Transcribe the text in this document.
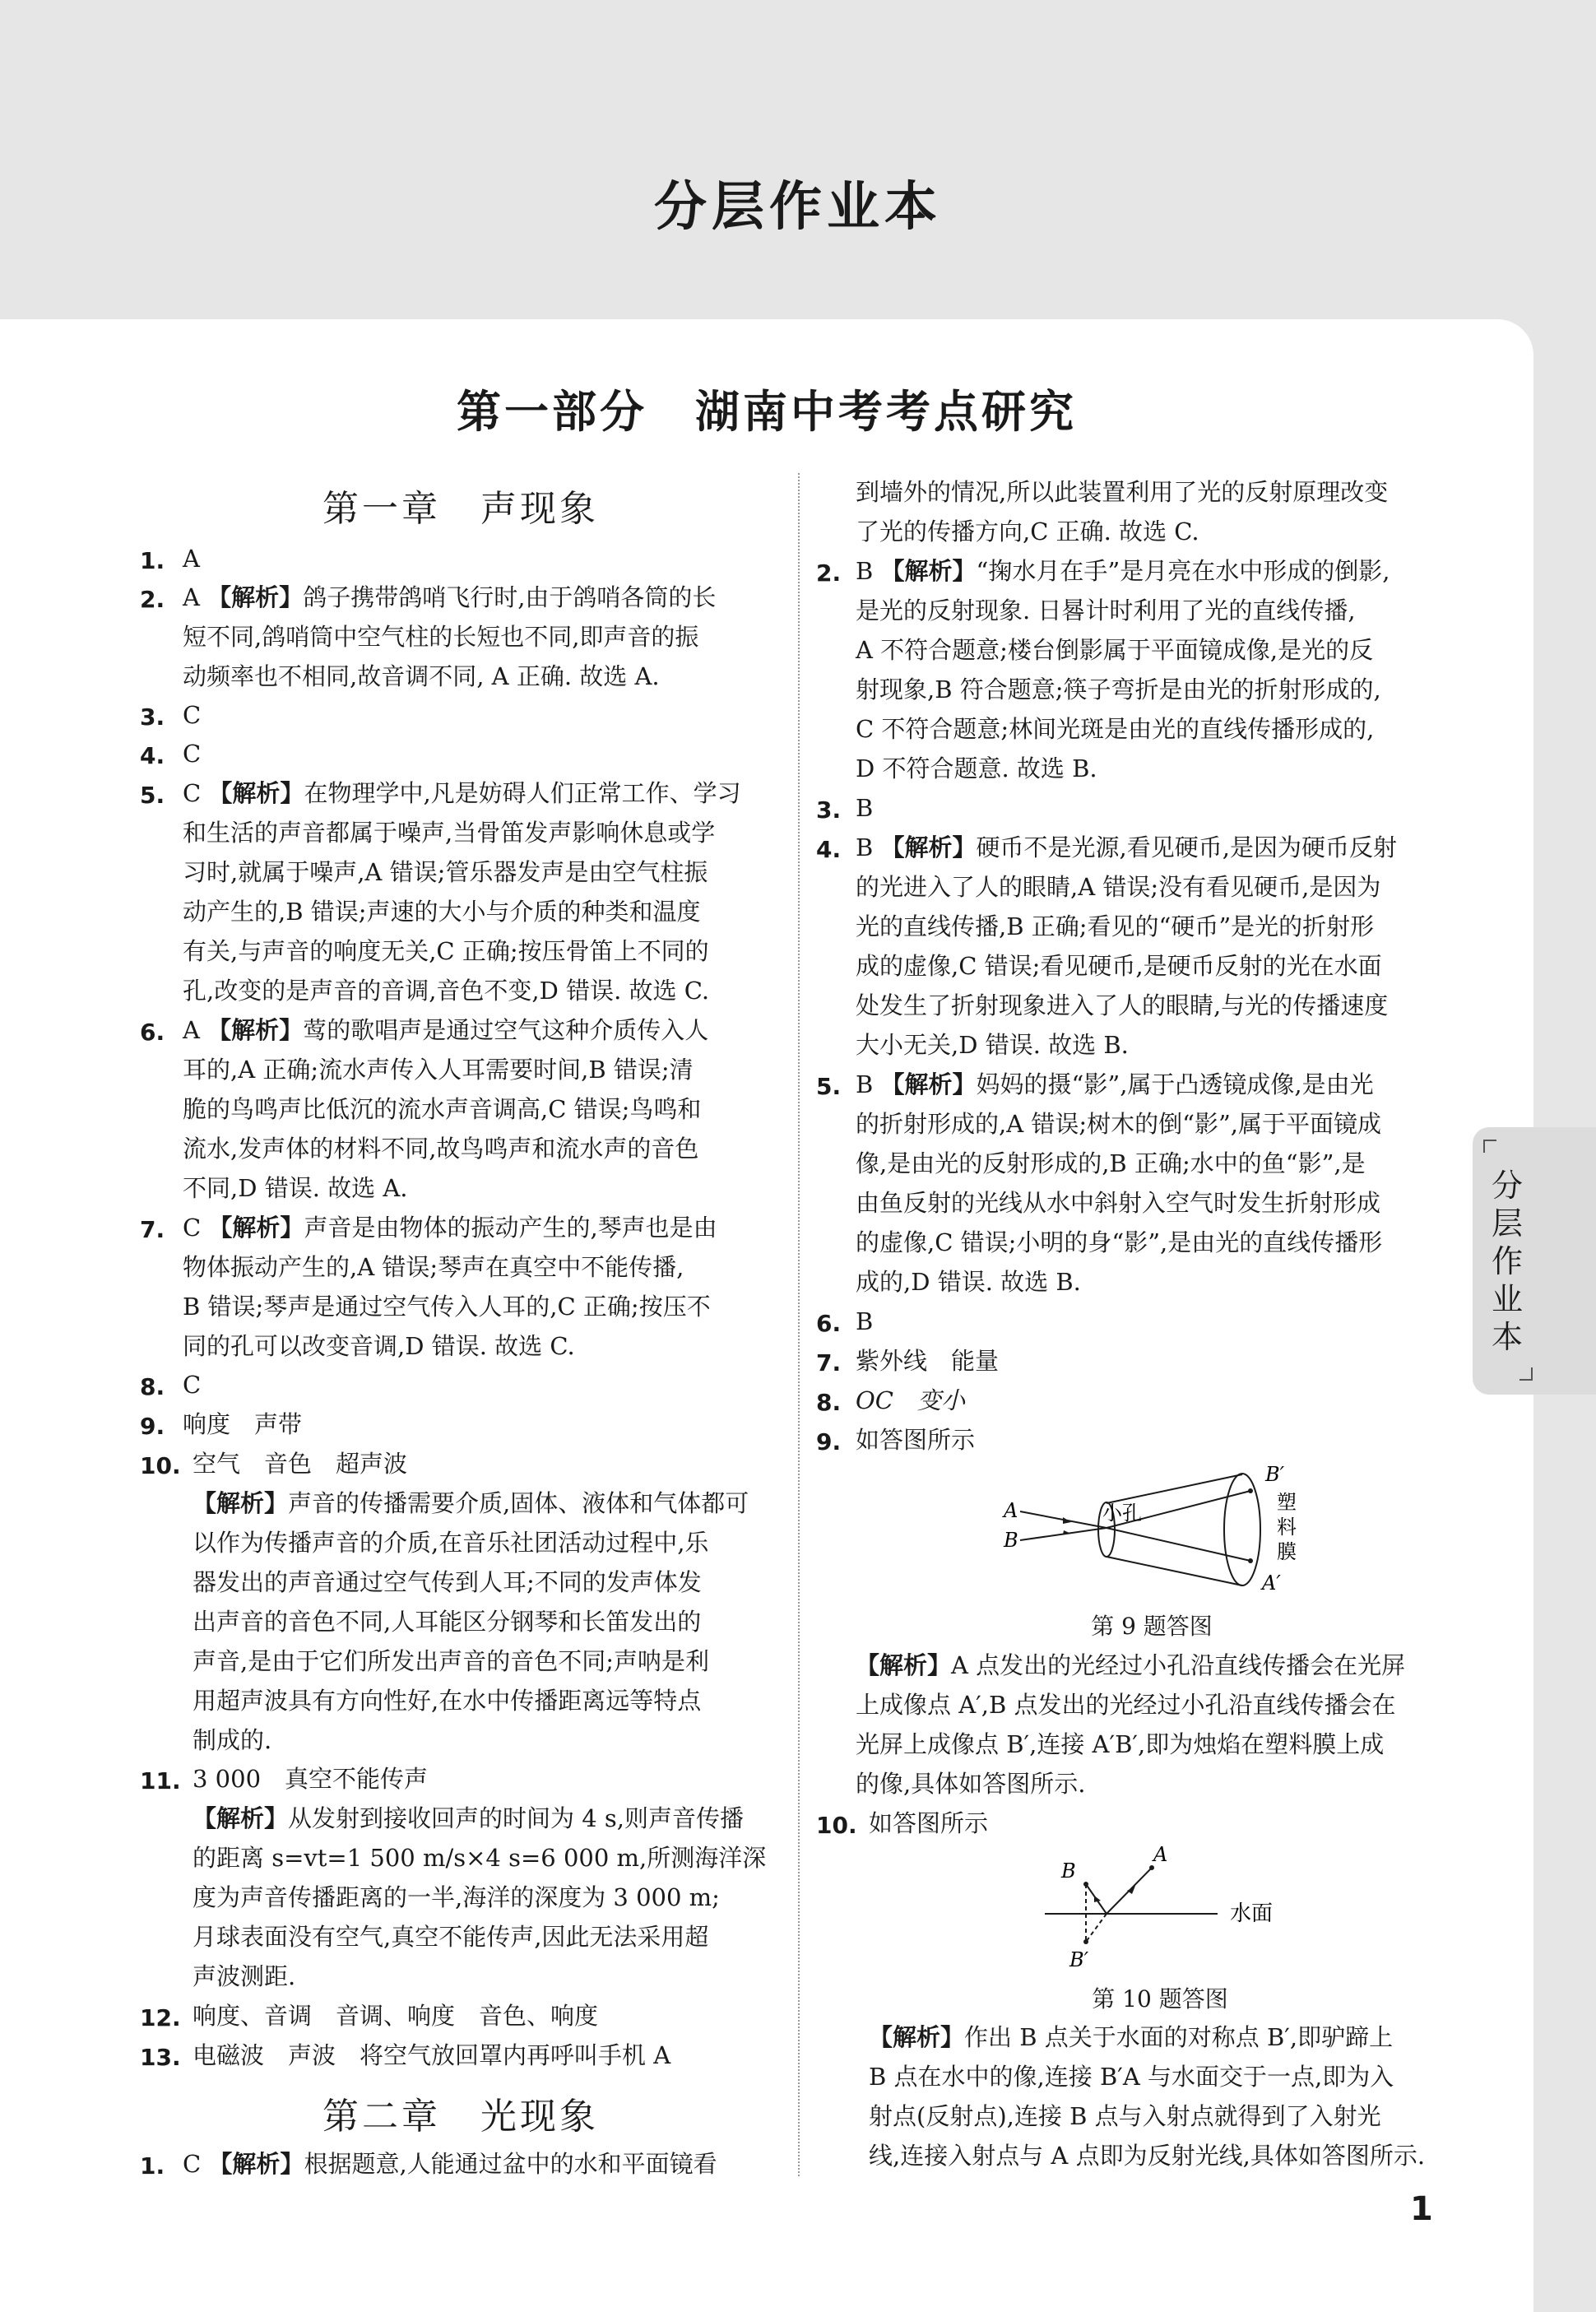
分层作业本
第一部分　湖南中考考点研究
分
层
作
业
本
第一章　声现象
1. A
2. A 【解析】鸽子携带鸽哨飞行时,由于鸽哨各筒的长
短不同,鸽哨筒中空气柱的长短也不同,即声音的振
动频率也不相同,故音调不同, A 正确. 故选 A.
3. C
4. C
5. C 【解析】在物理学中,凡是妨碍人们正常工作、学习
和生活的声音都属于噪声,当骨笛发声影响休息或学
习时,就属于噪声,A 错误;管乐器发声是由空气柱振
动产生的,B 错误;声速的大小与介质的种类和温度
有关,与声音的响度无关,C 正确;按压骨笛上不同的
孔,改变的是声音的音调,音色不变,D 错误. 故选 C.
6. A 【解析】莺的歌唱声是通过空气这种介质传入人
耳的,A 正确;流水声传入人耳需要时间,B 错误;清
脆的鸟鸣声比低沉的流水声音调高,C 错误;鸟鸣和
流水,发声体的材料不同,故鸟鸣声和流水声的音色
不同,D 错误. 故选 A.
7. C 【解析】声音是由物体的振动产生的,琴声也是由
物体振动产生的,A 错误;琴声在真空中不能传播,
B 错误;琴声是通过空气传入人耳的,C 正确;按压不
同的孔可以改变音调,D 错误. 故选 C.
8. C
9. 响度　声带
10. 空气　音色　超声波
【解析】声音的传播需要介质,固体、液体和气体都可
以作为传播声音的介质,在音乐社团活动过程中,乐
器发出的声音通过空气传到人耳;不同的发声体发
出声音的音色不同,人耳能区分钢琴和长笛发出的
声音,是由于它们所发出声音的音色不同;声呐是利
用超声波具有方向性好,在水中传播距离远等特点
制成的.
11. 3 000　真空不能传声
【解析】从发射到接收回声的时间为 4 s,则声音传播
的距离 s=vt=1 500 m/s×4 s=6 000 m,所测海洋深
度为声音传播距离的一半,海洋的深度为 3 000 m;
月球表面没有空气,真空不能传声,因此无法采用超
声波测距.
12. 响度、音调　音调、响度　音色、响度
13. 电磁波　声波　将空气放回罩内再呼叫手机 A
第二章　光现象
1. C 【解析】根据题意,人能通过盆中的水和平面镜看
到墙外的情况,所以此装置利用了光的反射原理改变
了光的传播方向,C 正确. 故选 C.
2. B 【解析】“掬水月在手”是月亮在水中形成的倒影,
是光的反射现象. 日晷计时利用了光的直线传播,
A 不符合题意;楼台倒影属于平面镜成像,是光的反
射现象,B 符合题意;筷子弯折是由光的折射形成的,
C 不符合题意;林间光斑是由光的直线传播形成的,
D 不符合题意. 故选 B.
3. B
4. B 【解析】硬币不是光源,看见硬币,是因为硬币反射
的光进入了人的眼睛,A 错误;没有看见硬币,是因为
光的直线传播,B 正确;看见的“硬币”是光的折射形
成的虚像,C 错误;看见硬币,是硬币反射的光在水面
处发生了折射现象进入了人的眼睛,与光的传播速度
大小无关,D 错误. 故选 B.
5. B 【解析】妈妈的摄“影”,属于凸透镜成像,是由光
的折射形成的,A 错误;树木的倒“影”,属于平面镜成
像,是由光的反射形成的,B 正确;水中的鱼“影”,是
由鱼反射的光线从水中斜射入空气时发生折射形成
的虚像,C 错误;小明的身“影”,是由光的直线传播形
成的,D 错误. 故选 B.
6. B
7. 紫外线　能量
8. OC　变小
9. 如答图所示
A
B
小孔
B′
塑
料
膜
A′
第 9 题答图
【解析】A 点发出的光经过小孔沿直线传播会在光屏
上成像点 A′,B 点发出的光经过小孔沿直线传播会在
光屏上成像点 B′,连接 A′B′,即为烛焰在塑料膜上成
的像,具体如答图所示.
10. 如答图所示
B
A
B′
水面
第 10 题答图
【解析】作出 B 点关于水面的对称点 B′,即驴蹄上
B 点在水中的像,连接 B′A 与水面交于一点,即为入
射点(反射点),连接 B 点与入射点就得到了入射光
线,连接入射点与 A 点即为反射光线,具体如答图所示.
1
